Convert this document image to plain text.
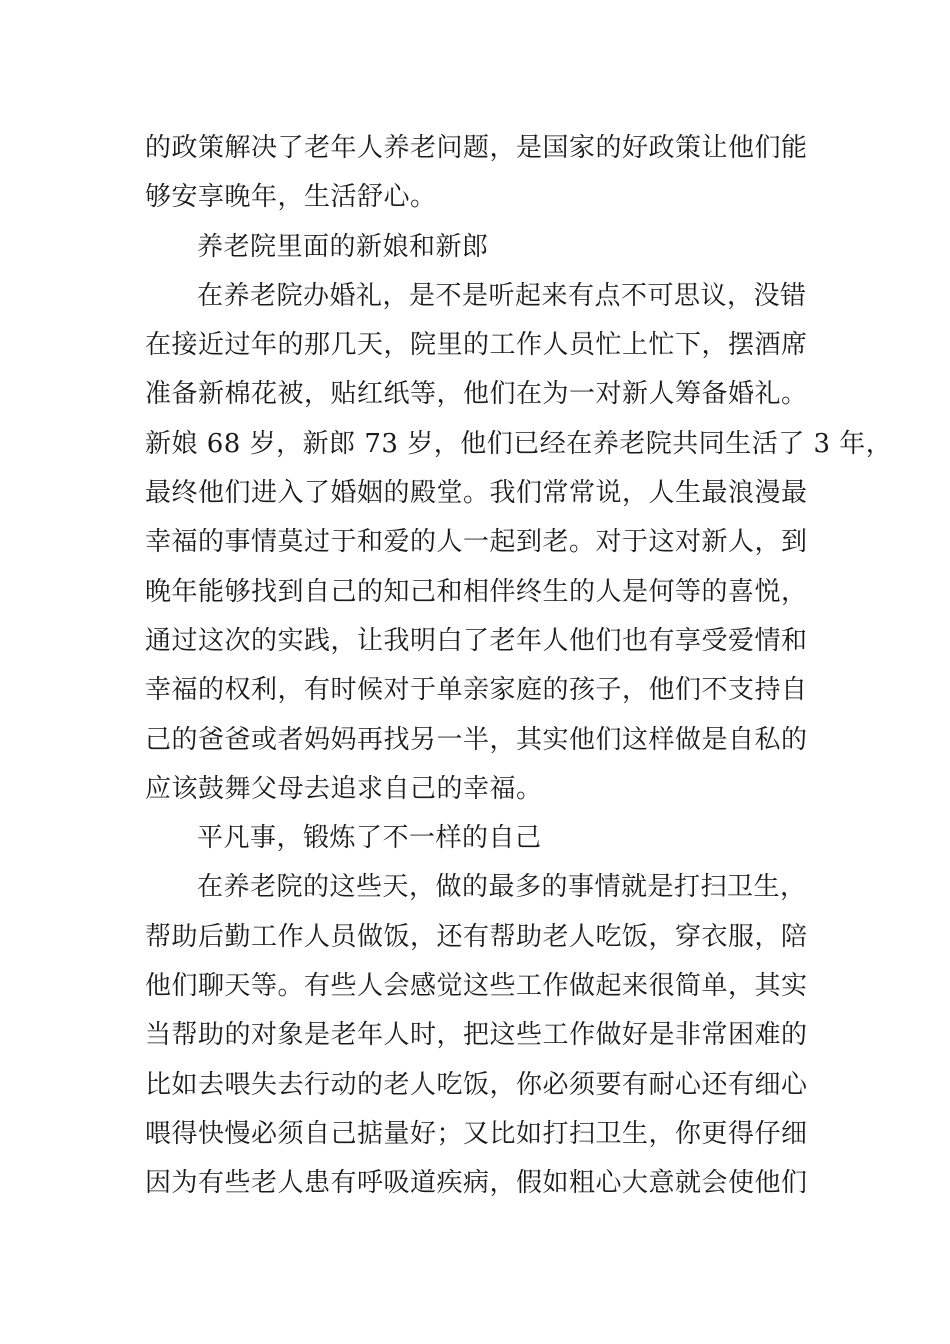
的政策解决了老年人养老问题，是国家的好政策让他们能
够安享晚年，生活舒心。
养老院里面的新娘和新郎
在养老院办婚礼，是不是听起来有点不可思议，没错
在接近过年的那几天，院里的工作人员忙上忙下，摆酒席
准备新棉花被，贴红纸等，他们在为一对新人筹备婚礼。
新娘 68 岁，新郎 73 岁，他们已经在养老院共同生活了 3 年，
最终他们进入了婚姻的殿堂。我们常常说，人生最浪漫最
幸福的事情莫过于和爱的人一起到老。对于这对新人，到
晚年能够找到自己的知己和相伴终生的人是何等的喜悦，
通过这次的实践，让我明白了老年人他们也有享受爱情和
幸福的权利，有时候对于单亲家庭的孩子，他们不支持自
己的爸爸或者妈妈再找另一半，其实他们这样做是自私的
应该鼓舞父母去追求自己的幸福。
平凡事，锻炼了不一样的自己
在养老院的这些天，做的最多的事情就是打扫卫生，
帮助后勤工作人员做饭，还有帮助老人吃饭，穿衣服，陪
他们聊天等。有些人会感觉这些工作做起来很简单，其实
当帮助的对象是老年人时，把这些工作做好是非常困难的
比如去喂失去行动的老人吃饭，你必须要有耐心还有细心
喂得快慢必须自己掂量好；又比如打扫卫生，你更得仔细
因为有些老人患有呼吸道疾病，假如粗心大意就会使他们
